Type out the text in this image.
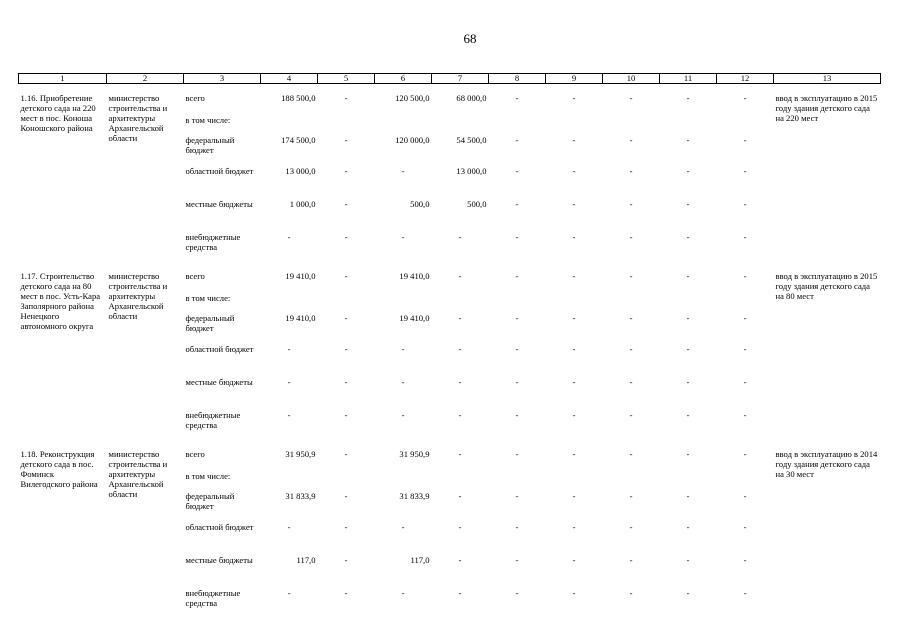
68
1	2	3	4	5	6	7	8	9	10	11	12	13

1.16. Приобретение детского сада на 220 мест в пос. Коноша Коношского района	министерство строительства и архитектуры Архангельской области	всего	188 500,0	-	120 500,0	68 000,0	-	-	-	-	-	ввод в эксплуатацию в 2015 году здания детского сада на 220 мест
		в том числе:										
		федеральный бюджет	174 500,0	-	120 000,0	54 500,0	-	-	-	-	-	
		областной бюджет	13 000,0	-	-	13 000,0	-	-	-	-	-	
		местные бюджеты	1 000,0	-	500,0	500,0	-	-	-	-	-	
		внебюджетные средства	-	-	-	-	-	-	-	-	-	

1.17. Строительство детского сада на 80 мест в пос. Усть-Кара Заполярного района Ненецкого автономного округа	министерство строительства и архитектуры Архангельской области	всего	19 410,0	-	19 410,0	-	-	-	-	-	-	ввод в эксплуатацию в 2015 году здания детского сада на 80 мест
		в том числе:										
		федеральный бюджет	19 410,0	-	19 410,0	-	-	-	-	-	-	
		областной бюджет	-	-	-	-	-	-	-	-	-	
		местные бюджеты	-	-	-	-	-	-	-	-	-	
		внебюджетные средства	-	-	-	-	-	-	-	-	-	

1.18. Реконструкция детского сада в пос. Фоминск Вилегодского района	министерство строительства и архитектуры Архангельской области	всего	31 950,9	-	31 950,9	-	-	-	-	-	-	ввод в эксплуатацию в 2014 году здания детского сада на 30 мест
		в том числе:										
		федеральный бюджет	31 833,9	-	31 833,9	-	-	-	-	-	-	
		областной бюджет	-	-	-	-	-	-	-	-	-	
		местные бюджеты	117,0	-	117,0	-	-	-	-	-	-	
		внебюджетные средства	-	-	-	-	-	-	-	-	-	
